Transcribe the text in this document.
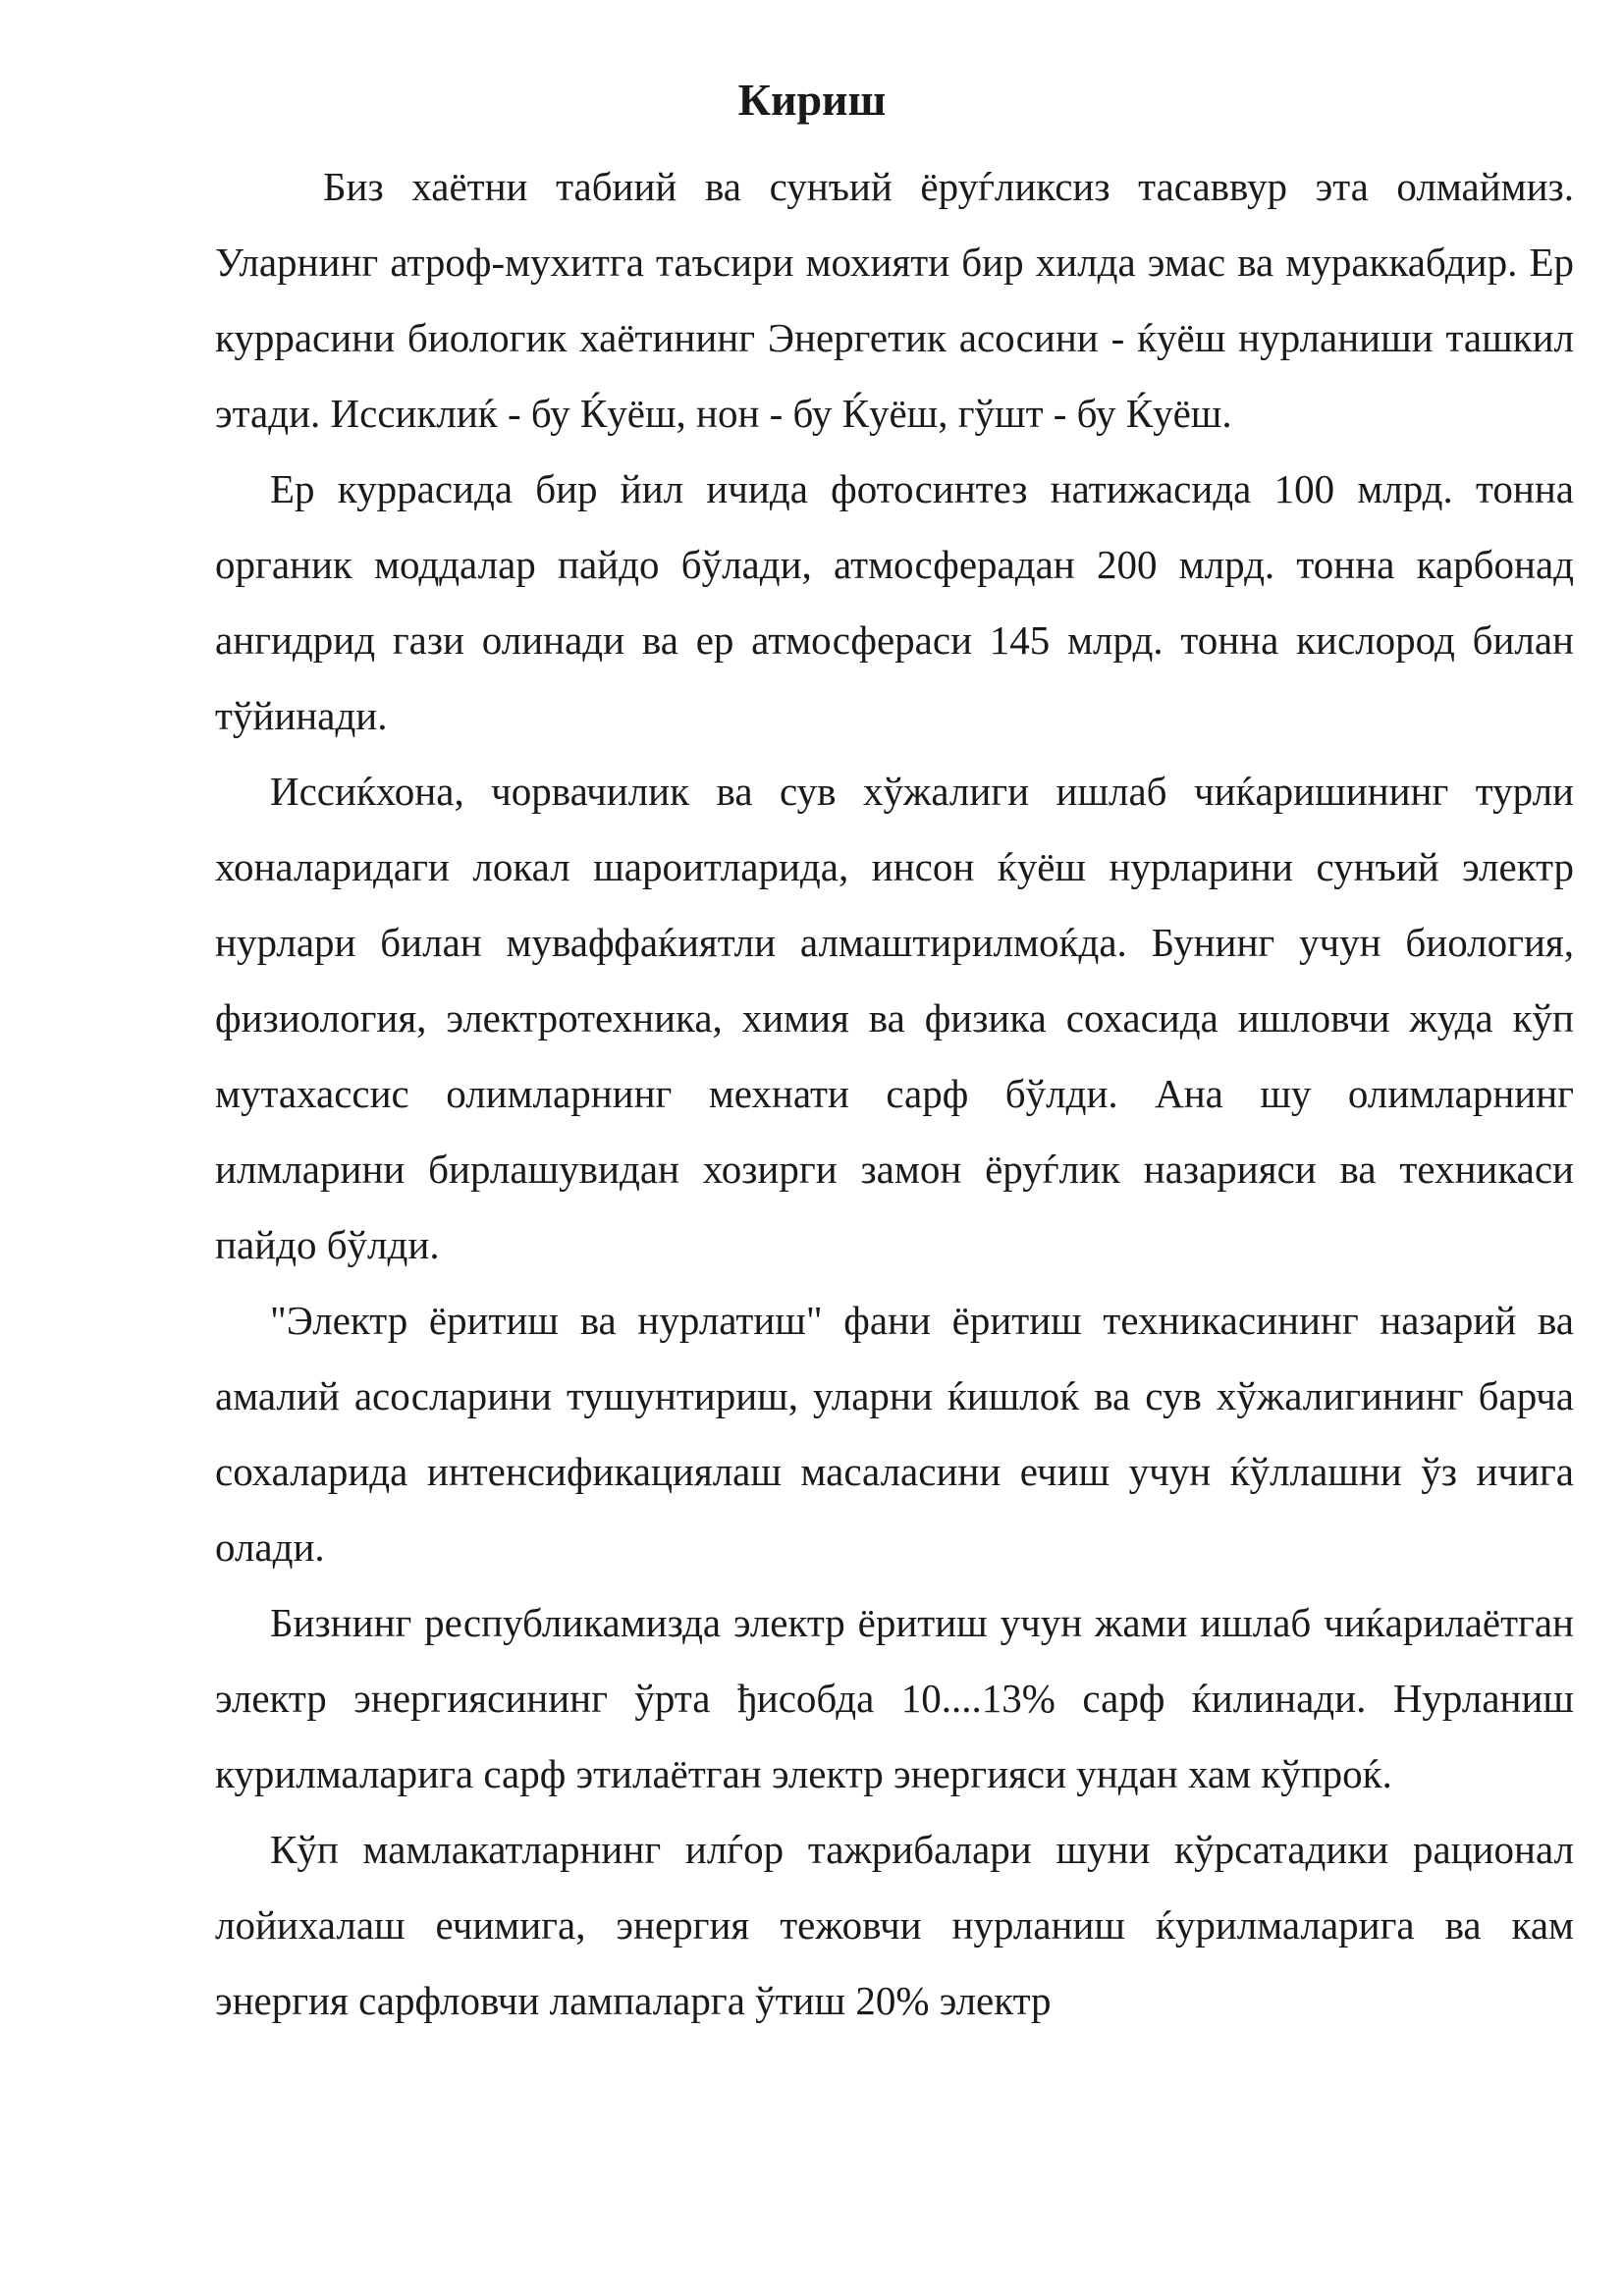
Кириш

Биз хаётни табиий ва сунъий ёруѓликсиз тасаввур эта олмаймиз. Уларнинг атроф-мухитга таъсири мохияти бир хилда эмас ва мураккабдир. Ер куррасини биологик хаётининг Энергетик асосини - ќуёш нурланиши ташкил этади. Иссиклиќ - бу Ќуёш, нон - бу Ќуёш, гўшт - бу Ќуёш.

Ер куррасида бир йил ичида фотосинтез натижасида 100 млрд. тонна органик моддалар пайдо бўлади, атмосферадан 200 млрд. тонна карбонад ангидрид гази олинади ва ер атмосфераси 145 млрд. тонна кислород билан тўйинади.

Иссиќхона, чорвачилик ва сув хўжалиги ишлаб чиќаришининг турли хоналаридаги локал шароитларида, инсон ќуёш нурларини сунъий электр нурлари билан муваффаќиятли алмаштирилмоќда. Бунинг учун биология, физиология, электротехника, химия ва физика сохасида ишловчи жуда кўп мутахассис олимларнинг мехнати сарф бўлди. Ана шу олимларнинг илмларини бирлашувидан хозирги замон ёруѓлик назарияси ва техникаси пайдо бўлди.

"Электр ёритиш ва нурлатиш" фани ёритиш техникасининг назарий ва амалий асосларини тушунтириш, уларни ќишлоќ ва сув хўжалигининг барча сохаларида интенсификациялаш масаласини ечиш учун ќўллашни ўз ичига олади.

Бизнинг республикамизда электр ёритиш учун жами ишлаб чиќарилаётган электр энергиясининг ўрта ђисобда 10....13% сарф ќилинади. Нурланиш курилмаларига сарф этилаётган электр энергияси ундан хам кўпроќ.

Кўп мамлакатларнинг илѓор тажрибалари шуни кўрсатадики рационал лойихалаш ечимига, энергия тежовчи нурланиш ќурилмаларига ва кам энергия сарфловчи лампаларга ўтиш 20% электр
